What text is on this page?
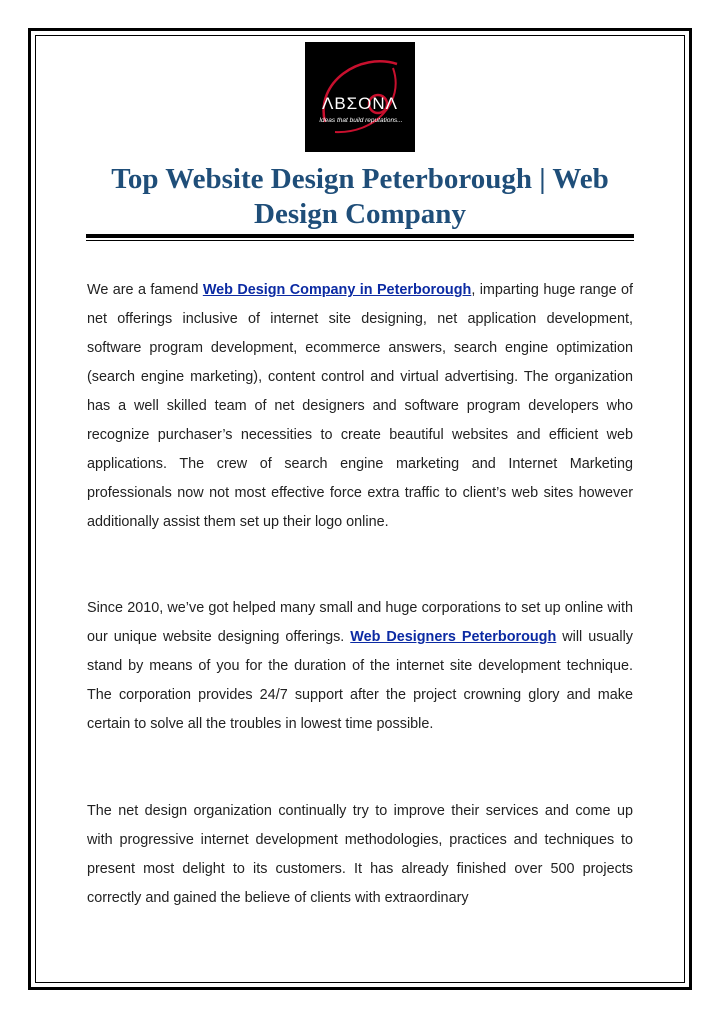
ΛΒΣΟΝΛ
Ideas that build reputations...
Top Website Design Peterborough | Web Design Company

We are a famend Web Design Company in Peterborough, imparting huge range of net offerings inclusive of internet site designing, net application development, software program development, ecommerce answers, search engine optimization (search engine marketing), content control and virtual advertising. The organization has a well skilled team of net designers and software program developers who recognize purchaser’s necessities to create beautiful websites and efficient web applications. The crew of search engine marketing and Internet Marketing professionals now not most effective force extra traffic to client’s web sites however additionally assist them set up their logo online.

Since 2010, we’ve got helped many small and huge corporations to set up online with our unique website designing offerings. Web Designers Peterborough will usually stand by means of you for the duration of the internet site development technique. The corporation provides 24/7 support after the project crowning glory and make certain to solve all the troubles in lowest time possible.

The net design organization continually try to improve their services and come up with progressive internet development methodologies, practices and techniques to present most delight to its customers. It has already finished over 500 projects correctly and gained the believe of clients with extraordinary
